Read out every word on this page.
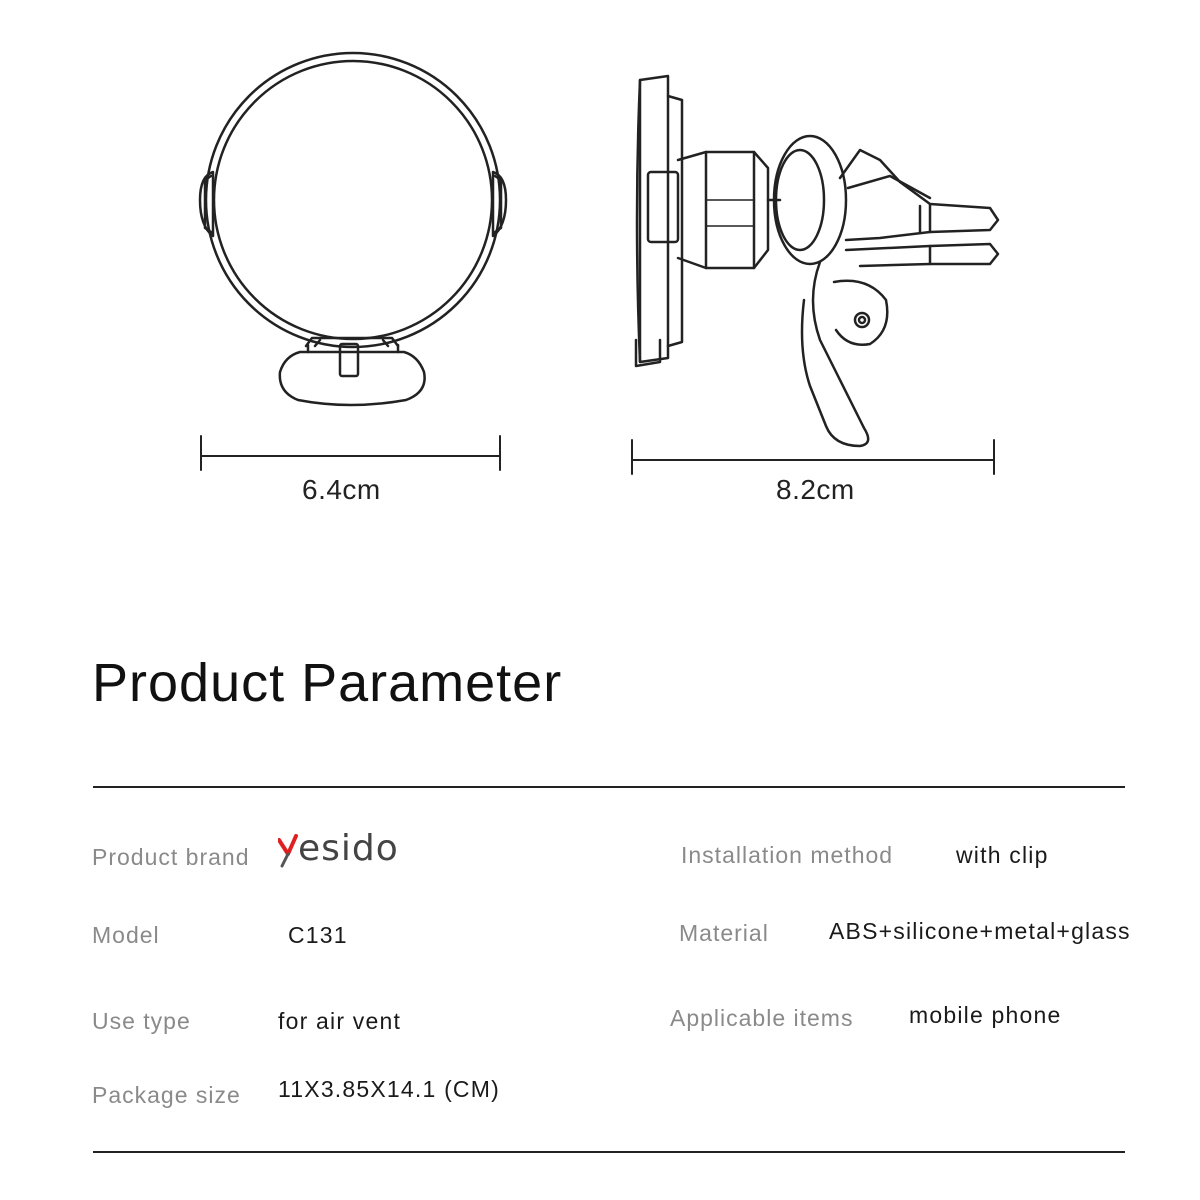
6.4cm	8.2cm
Product Parameter
Product brand esido
Model	C131
Use type	for air vent
Package size 11X3.85X14.1 (CM)
Installation method	with clip
Material	ABS+silicone+metal+glass
Applicable items mobile phone
